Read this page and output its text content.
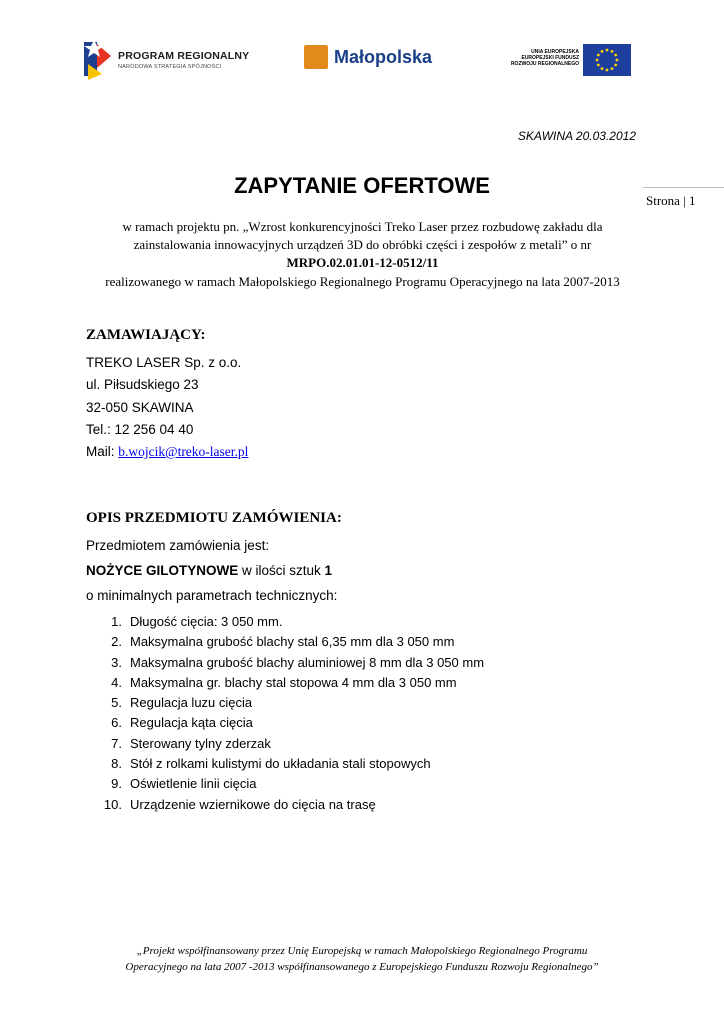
PROGRAM REGIONALNY
NARODOWA STRATEGIA SPÓJNOŚCI	Małopolska	UNIA EUROPEJSKA
EUROPEJSKI FUNDUSZ
ROZWOJU REGIONALNEGO
SKAWINA 20.03.2012
ZAPYTANIE OFERTOWE
Strona | 1
w ramach projektu pn. „Wzrost konkurencyjności Treko Laser przez rozbudowę zakładu dla
zainstalowania innowacyjnych urządzeń 3D do obróbki części i zespołów z metali” o nr
MRPO.02.01.01-12-0512/11
realizowanego w ramach Małopolskiego Regionalnego Programu Operacyjnego na lata 2007-2013
ZAMAWIAJĄCY:
TREKO LASER Sp. z o.o.
ul. Piłsudskiego 23
32-050 SKAWINA
Tel.: 12 256 04 40
Mail: b.wojcik@treko-laser.pl
OPIS PRZEDMIOTU ZAMÓWIENIA:
Przedmiotem zamówienia jest:
NOŻYCE GILOTYNOWE w ilości sztuk 1
o minimalnych parametrach technicznych:
1. Długość cięcia: 3 050 mm.
2. Maksymalna grubość blachy stal 6,35 mm dla 3 050 mm
3. Maksymalna grubość blachy aluminiowej 8 mm dla 3 050 mm
4. Maksymalna gr. blachy stal stopowa 4 mm dla 3 050 mm
5. Regulacja luzu cięcia
6. Regulacja kąta cięcia
7. Sterowany tylny zderzak
8. Stół z rolkami kulistymi do układania stali stopowych
9. Oświetlenie linii cięcia
10. Urządzenie wziernikowe do cięcia na trasę
„Projekt współfinansowany przez Unię Europejską w ramach Małopolskiego Regionalnego Programu
Operacyjnego na lata 2007 -2013 współfinansowanego z Europejskiego Funduszu Rozwoju Regionalnego”
